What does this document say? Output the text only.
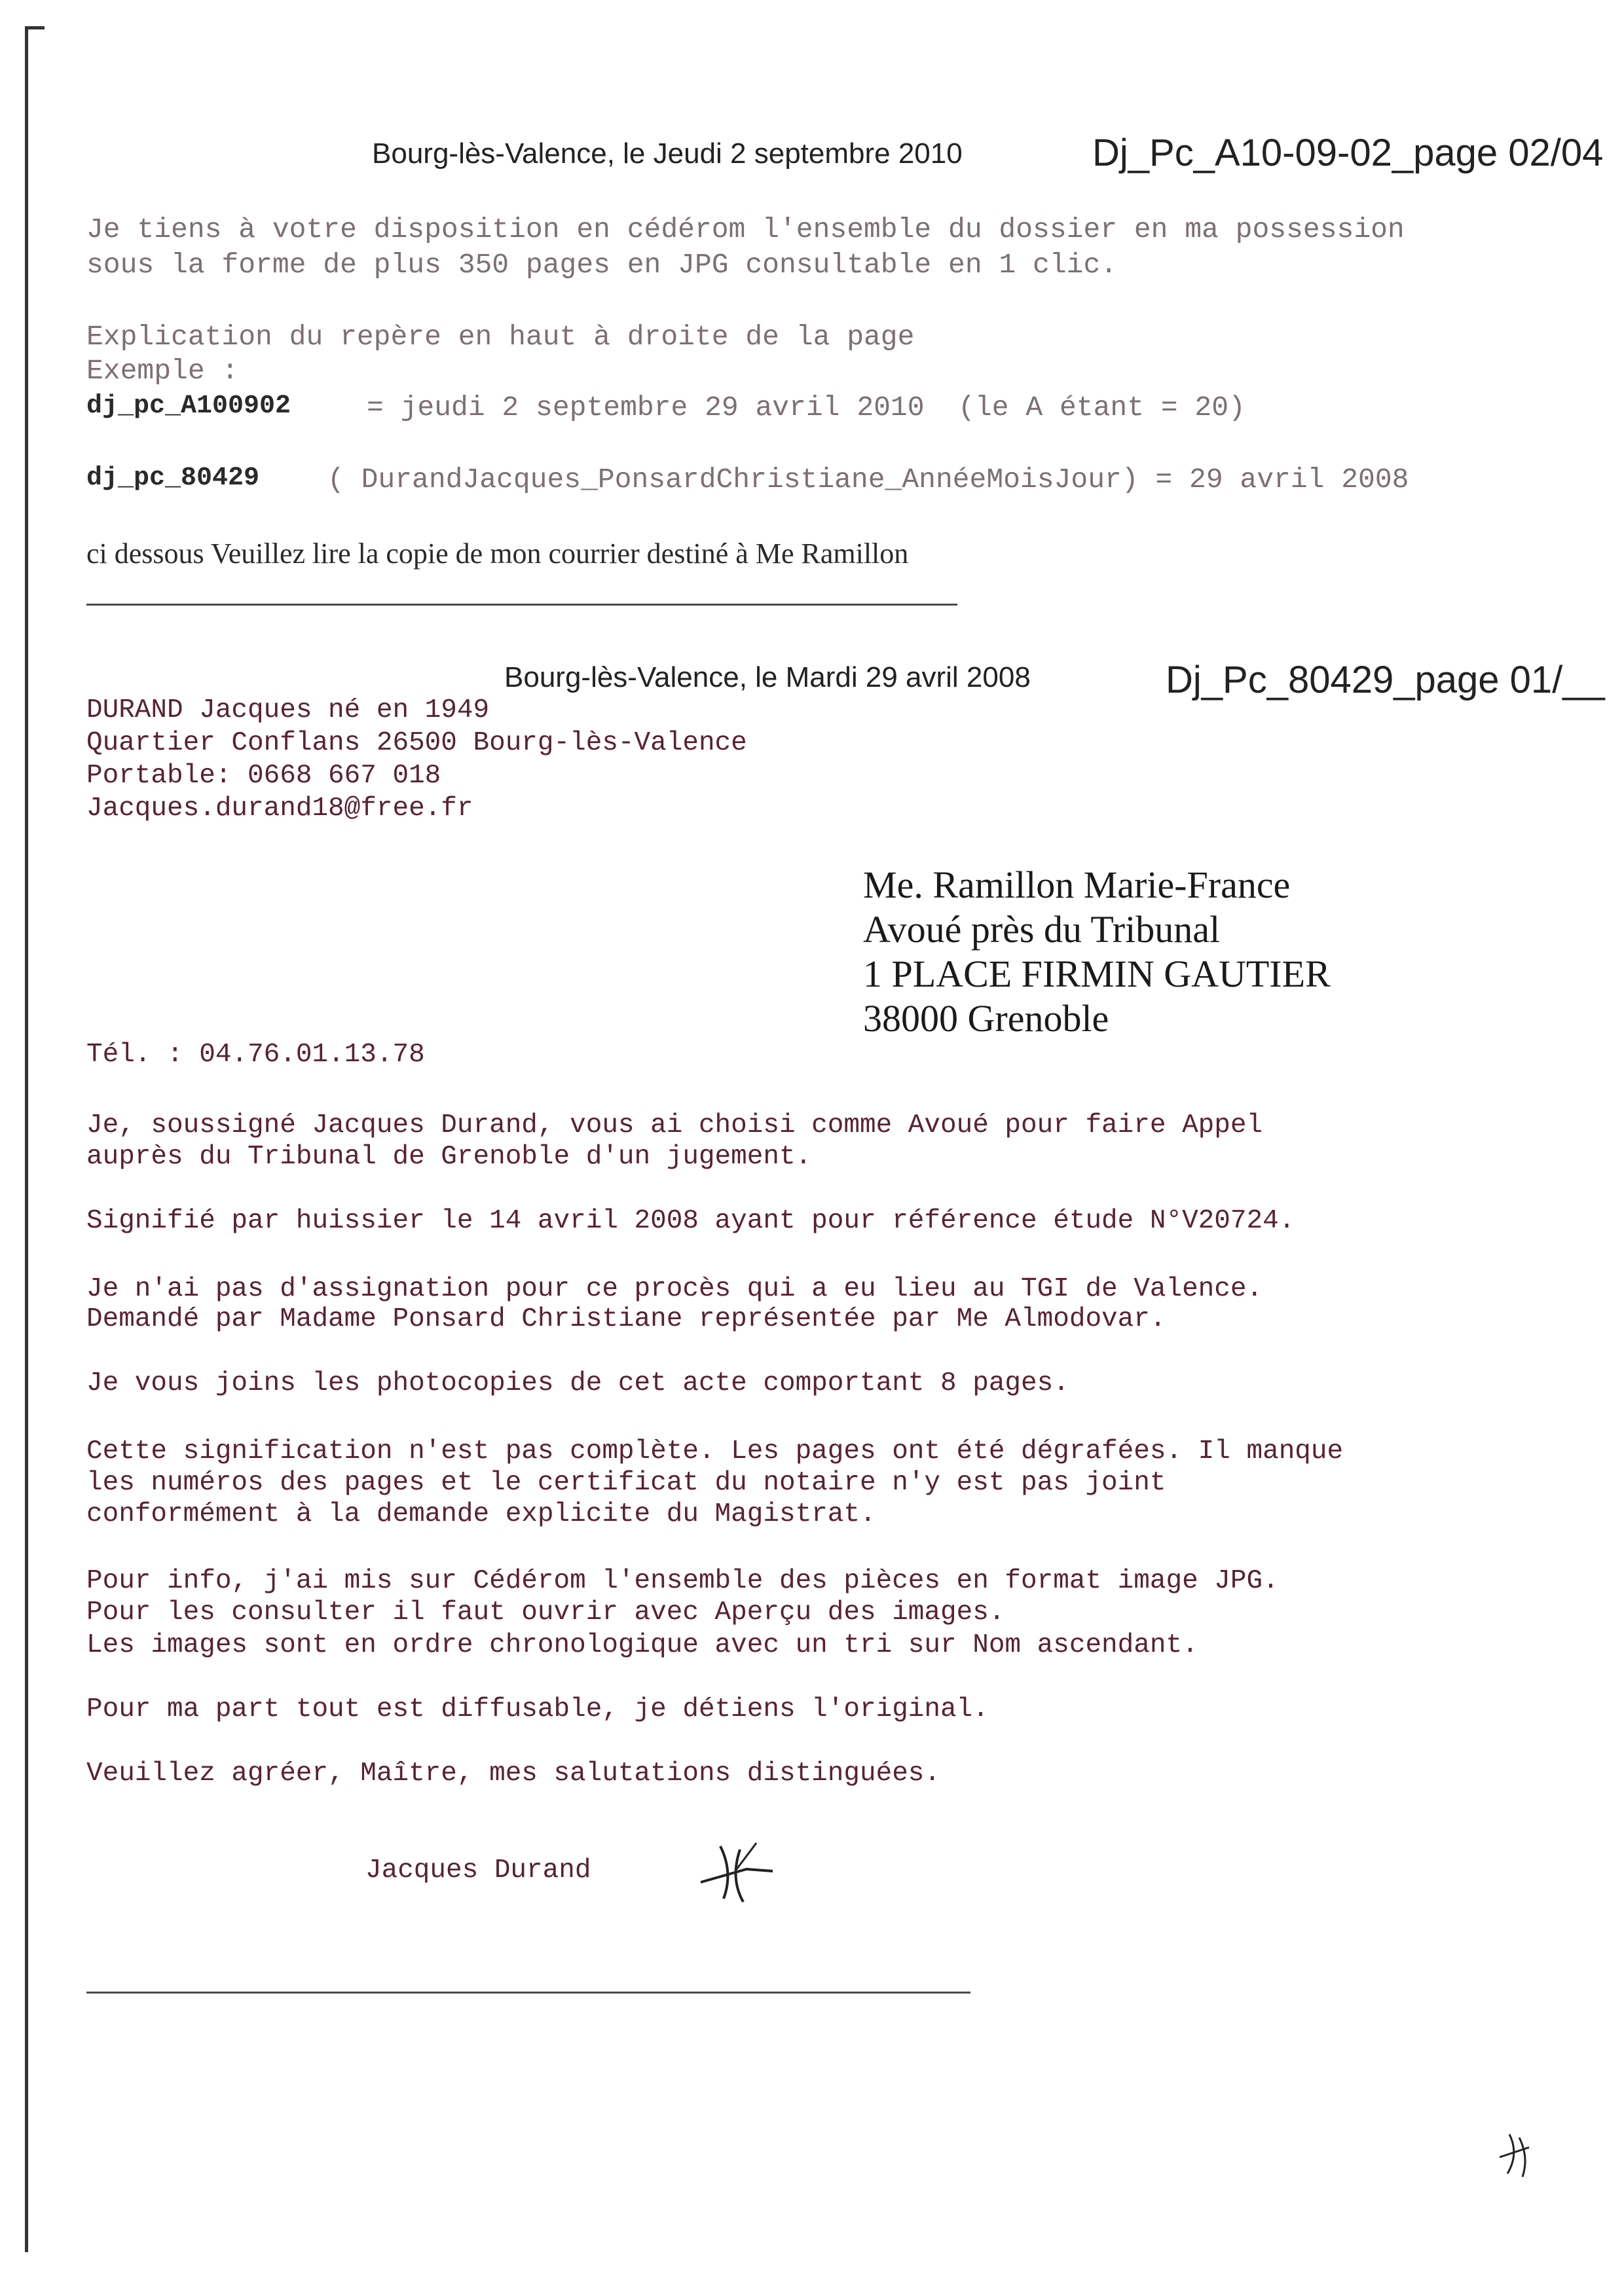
Bourg-lès-Valence, le Jeudi 2 septembre 2010	Dj_Pc_A10-09-02_page 02/04
Je tiens à votre disposition en cédérom l'ensemble du dossier en ma possession
sous la forme de plus 350 pages en JPG consultable en 1 clic.
Explication du repère en haut à droite de la page
Exemple :
dj_pc_A100902	= jeudi 2 septembre 29 avril 2010  (le A étant = 20)
dj_pc_80429 ( DurandJacques_PonsardChristiane_AnnéeMoisJour) = 29 avril 2008
ci dessous Veuillez lire la copie de mon courrier destiné à Me Ramillon
Bourg-lès-Valence, le Mardi 29 avril 2008	Dj_Pc_80429_page 01/__
DURAND Jacques né en 1949
Quartier Conflans 26500 Bourg-lès-Valence
Portable: 0668 667 018
Jacques.durand18@free.fr
Me. Ramillon Marie-France
Avoué près du Tribunal
1 PLACE FIRMIN GAUTIER
38000 Grenoble
Tél. : 04.76.01.13.78
Je, soussigné Jacques Durand, vous ai choisi comme Avoué pour faire Appel
auprès du Tribunal de Grenoble d'un jugement.
Signifié par huissier le 14 avril 2008 ayant pour référence étude N°V20724.
Je n'ai pas d'assignation pour ce procès qui a eu lieu au TGI de Valence.
Demandé par Madame Ponsard Christiane représentée par Me Almodovar.
Je vous joins les photocopies de cet acte comportant 8 pages.
Cette signification n'est pas complète. Les pages ont été dégrafées. Il manque
les numéros des pages et le certificat du notaire n'y est pas joint
conformément à la demande explicite du Magistrat.
Pour info, j'ai mis sur Cédérom l'ensemble des pièces en format image JPG.
Pour les consulter il faut ouvrir avec Aperçu des images.
Les images sont en ordre chronologique avec un tri sur Nom ascendant.
Pour ma part tout est diffusable, je détiens l'original.
Veuillez agréer, Maître, mes salutations distinguées.
Jacques Durand
